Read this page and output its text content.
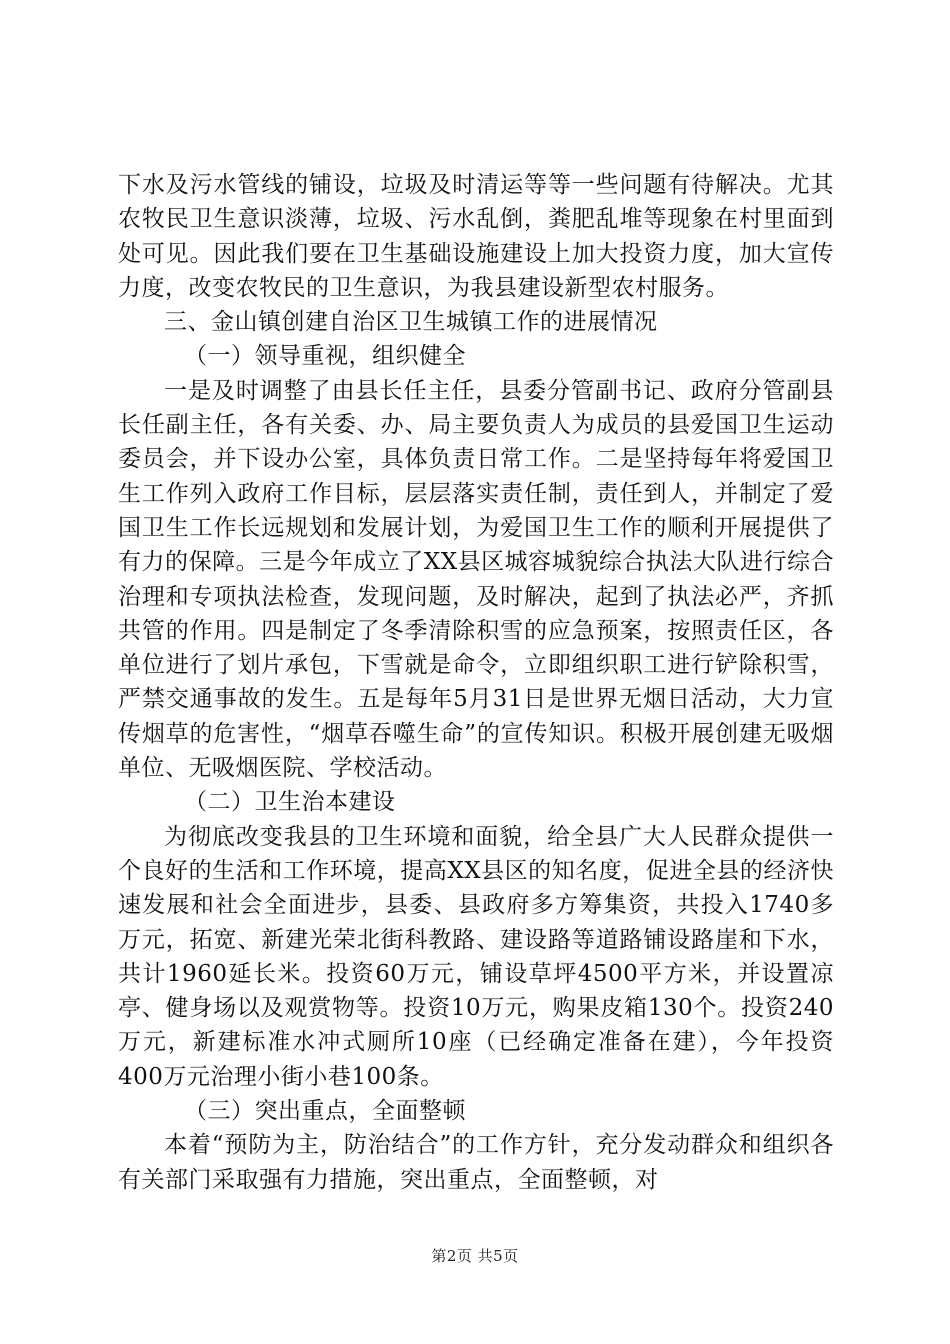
下水及污水管线的铺设，垃圾及时清运等等一些问题有待解决。尤其农牧民卫生意识淡薄，垃圾、污水乱倒，粪肥乱堆等现象在村里面到处可见。因此我们要在卫生基础设施建设上加大投资力度，加大宣传力度，改变农牧民的卫生意识，为我县建设新型农村服务。

三、金山镇创建自治区卫生城镇工作的进展情况

（一）领导重视，组织健全

一是及时调整了由县长任主任，县委分管副书记、政府分管副县长任副主任，各有关委、办、局主要负责人为成员的县爱国卫生运动委员会，并下设办公室，具体负责日常工作。二是坚持每年将爱国卫生工作列入政府工作目标，层层落实责任制，责任到人，并制定了爱国卫生工作长远规划和发展计划，为爱国卫生工作的顺利开展提供了有力的保障。三是今年成立了XX县区城容城貌综合执法大队进行综合治理和专项执法检查，发现问题，及时解决，起到了执法必严，齐抓共管的作用。四是制定了冬季清除积雪的应急预案，按照责任区，各单位进行了划片承包，下雪就是命令，立即组织职工进行铲除积雪，严禁交通事故的发生。五是每年5月31日是世界无烟日活动，大力宣传烟草的危害性，“烟草吞噬生命”的宣传知识。积极开展创建无吸烟单位、无吸烟医院、学校活动。

（二）卫生治本建设

为彻底改变我县的卫生环境和面貌，给全县广大人民群众提供一个良好的生活和工作环境，提高XX县区的知名度，促进全县的经济快速发展和社会全面进步，县委、县政府多方筹集资，共投入1740多万元，拓宽、新建光荣北街科教路、建设路等道路铺设路崖和下水，共计1960延长米。投资60万元，铺设草坪4500平方米，并设置凉亭、健身场以及观赏物等。投资10万元，购果皮箱130个。投资240万元，新建标准水冲式厕所10座（已经确定准备在建），今年投资400万元治理小街小巷100条。

（三）突出重点，全面整顿

本着“预防为主，防治结合”的工作方针，充分发动群众和组织各有关部门采取强有力措施，突出重点，全面整顿，对

第2页 共5页
